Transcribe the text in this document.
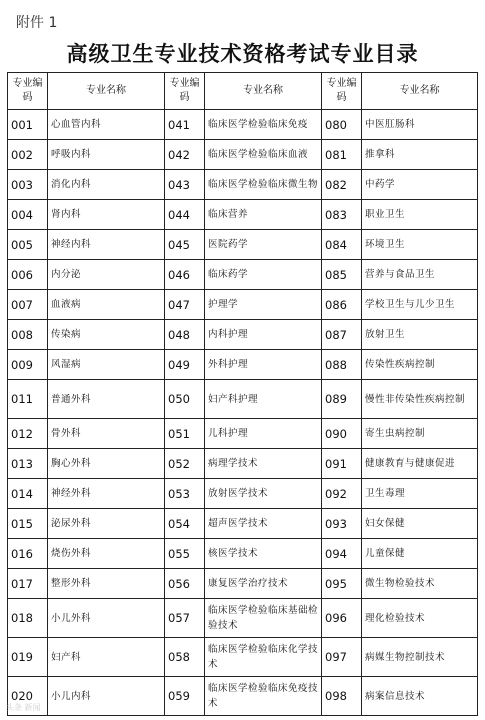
附件 1
高级卫生专业技术资格考试专业目录
专业编码	专业名称	专业编码	专业名称	专业编码	专业名称
001	心血管内科	041	临床医学检验临床免疫	080	中医肛肠科
002	呼吸内科	042	临床医学检验临床血液	081	推拿科
003	消化内科	043	临床医学检验临床微生物	082	中药学
004	肾内科	044	临床营养	083	职业卫生
005	神经内科	045	医院药学	084	环境卫生
006	内分泌	046	临床药学	085	营养与食品卫生
007	血液病	047	护理学	086	学校卫生与儿少卫生
008	传染病	048	内科护理	087	放射卫生
009	风湿病	049	外科护理	088	传染性疾病控制
011	普通外科	050	妇产科护理	089	慢性非传染性疾病控制
012	骨外科	051	儿科护理	090	寄生虫病控制
013	胸心外科	052	病理学技术	091	健康教育与健康促进
014	神经外科	053	放射医学技术	092	卫生毒理
015	泌尿外科	054	超声医学技术	093	妇女保健
016	烧伤外科	055	核医学技术	094	儿童保健
017	整形外科	056	康复医学治疗技术	095	微生物检验技术
018	小儿外科	057	临床医学检验临床基础检验技术	096	理化检验技术
019	妇产科	058	临床医学检验临床化学技术	097	病媒生物控制技术
020	小儿内科	059	临床医学检验临床免疫技术	098	病案信息技术
头条 新闻
